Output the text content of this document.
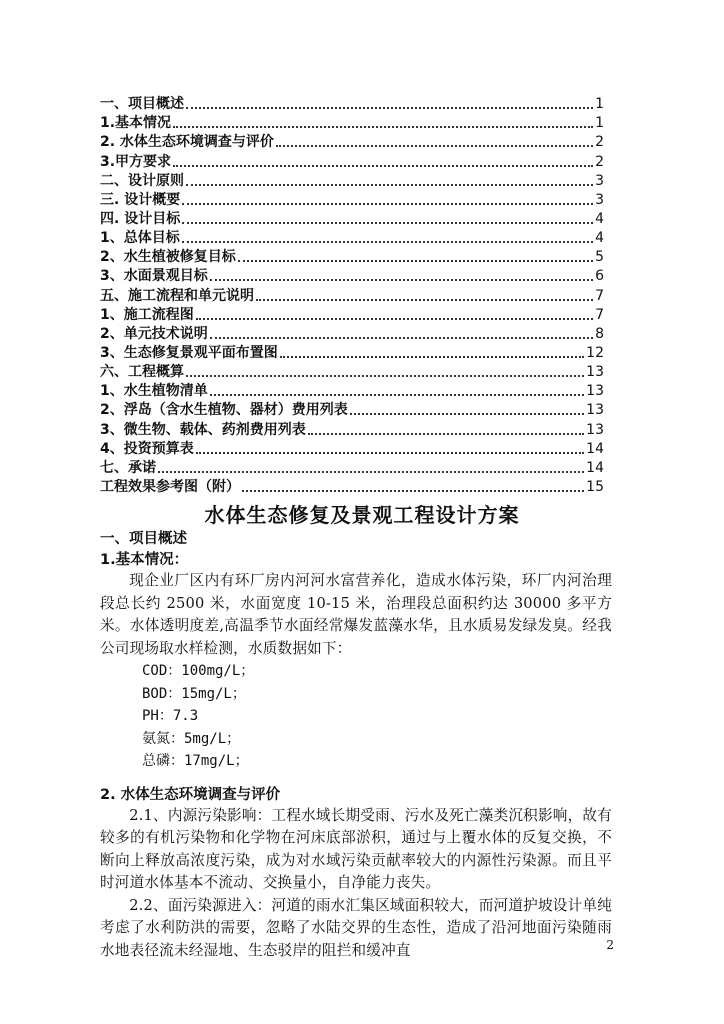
一、项目概述	1
1.基本情况	1
2. 水体生态环境调查与评价	2
3.甲方要求	2
二、设计原则	3
三. 设计概要	3
四. 设计目标	4
1、总体目标	4
2、水生植被修复目标	5
3、水面景观目标	6
五、施工流程和单元说明	7
1、施工流程图	7
2、单元技术说明	8
3、生态修复景观平面布置图	12
六、工程概算	13
1、水生植物清单	13
2、浮岛（含水生植物、器材）费用列表	13
3、微生物、载体、药剂费用列表	13
4、投资预算表	14
七、承诺	14
工程效果参考图（附）	15
水体生态修复及景观工程设计方案
一、项目概述
1.基本情况：

现企业厂区内有环厂房内河河水富营养化，造成水体污染，环厂内河治理段总长约 2500 米，水面宽度 10-15 米，治理段总面积约达 30000 多平方米。水体透明度差,高温季节水面经常爆发蓝藻水华，且水质易发绿发臭。经我公司现场取水样检测，水质数据如下：

COD：100mg/L；
BOD：15mg/L；
PH：7.3
氨氮：5mg/L；
总磷：17mg/L；
2. 水体生态环境调查与评价

2.1、内源污染影响：工程水域长期受雨、污水及死亡藻类沉积影响，故有较多的有机污染物和化学物在河床底部淤积，通过与上覆水体的反复交换，不断向上释放高浓度污染，成为对水域污染贡献率较大的内源性污染源。而且平时河道水体基本不流动、交换量小，自净能力丧失。

2.2、面污染源进入：河道的雨水汇集区域面积较大，而河道护坡设计单纯考虑了水利防洪的需要，忽略了水陆交界的生态性，造成了沿河地面污染随雨水地表径流未经湿地、生态驳岸的阻拦和缓冲直	2
